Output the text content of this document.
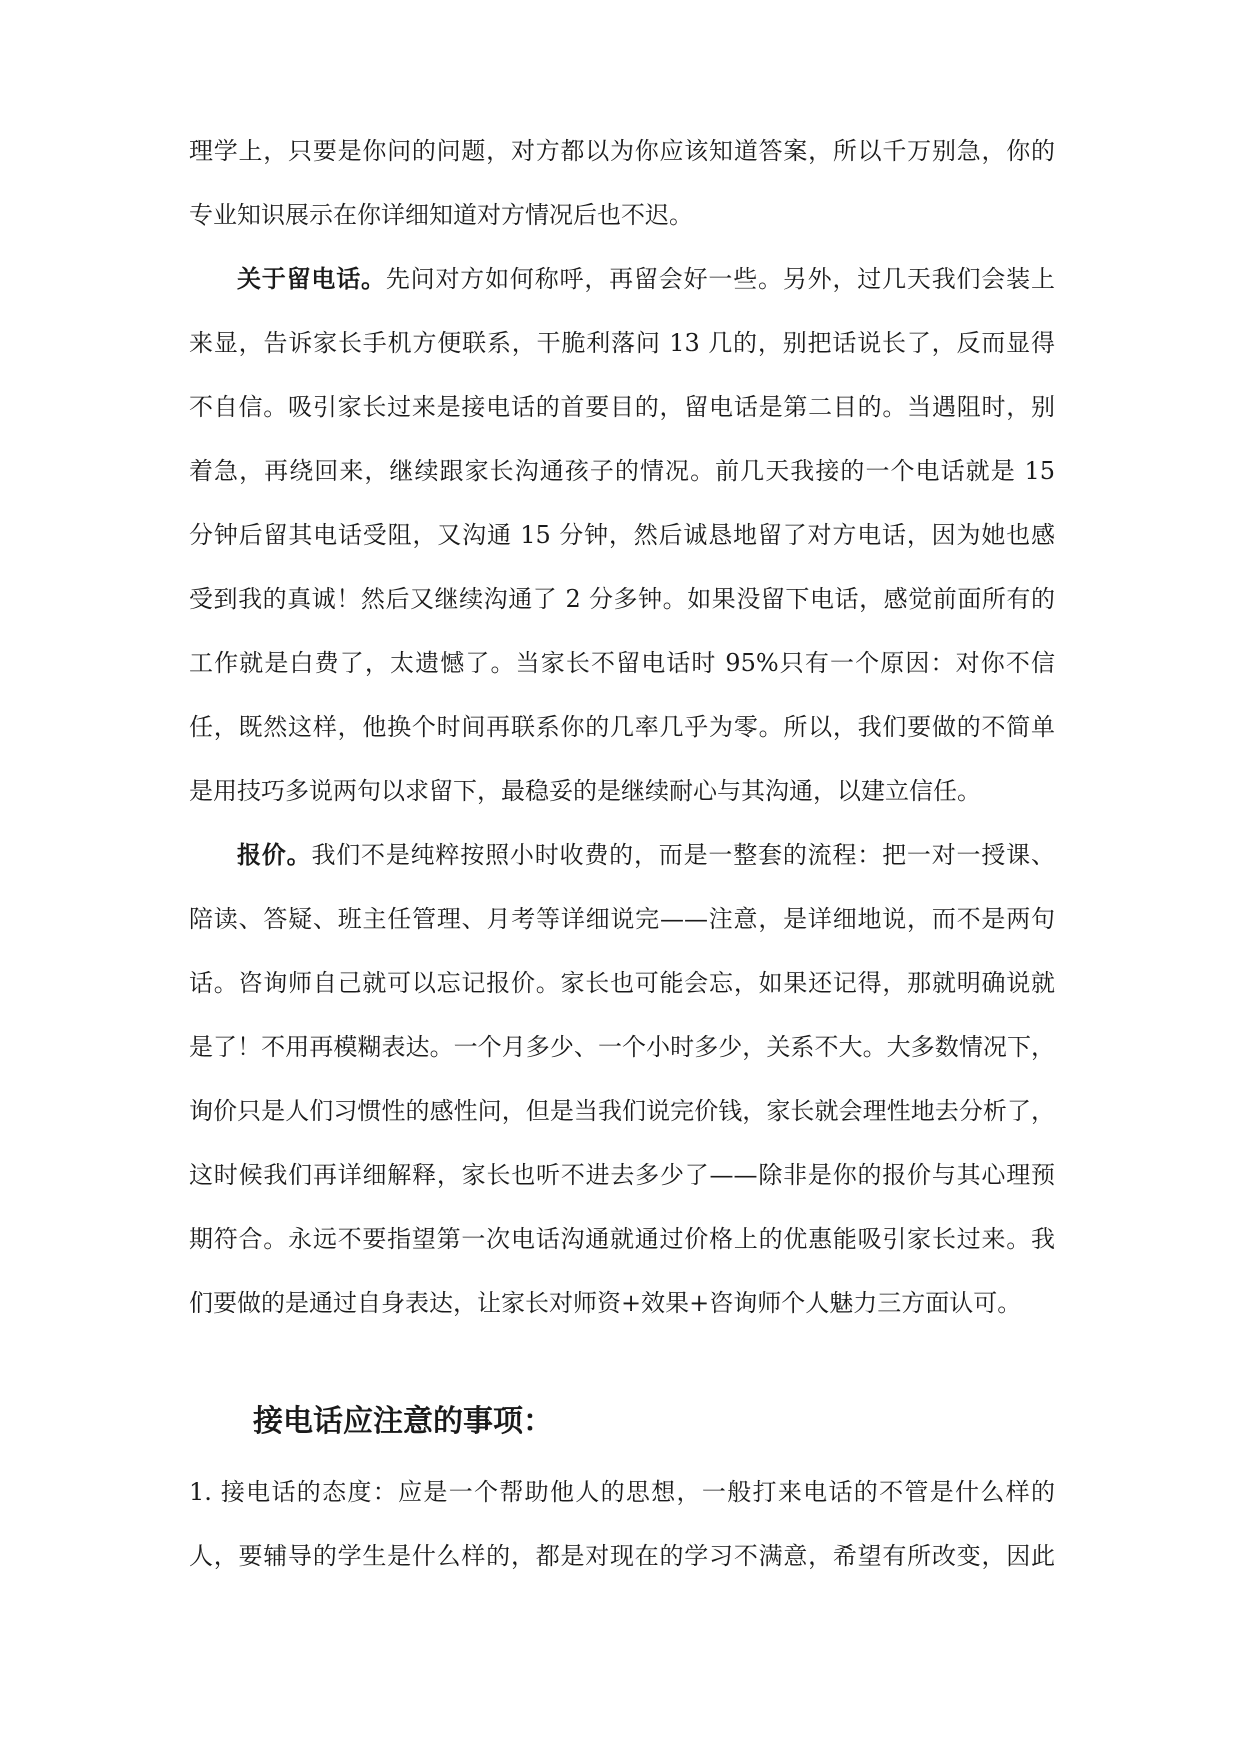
理学上，只要是你问的问题，对方都以为你应该知道答案，所以千万别急，你的
专业知识展示在你详细知道对方情况后也不迟。
关于留电话。先问对方如何称呼，再留会好一些。另外，过几天我们会装上
来显，告诉家长手机方便联系，干脆利落问 13 几的，别把话说长了，反而显得
不自信。吸引家长过来是接电话的首要目的，留电话是第二目的。当遇阻时，别
着急，再绕回来，继续跟家长沟通孩子的情况。前几天我接的一个电话就是 15
分钟后留其电话受阻，又沟通 15 分钟，然后诚恳地留了对方电话，因为她也感
受到我的真诚！然后又继续沟通了 2 分多钟。如果没留下电话，感觉前面所有的
工作就是白费了，太遗憾了。当家长不留电话时 95%只有一个原因：对你不信
任，既然这样，他换个时间再联系你的几率几乎为零。所以，我们要做的不简单
是用技巧多说两句以求留下，最稳妥的是继续耐心与其沟通，以建立信任。
报价。我们不是纯粹按照小时收费的，而是一整套的流程：把一对一授课、
陪读、答疑、班主任管理、月考等详细说完——注意，是详细地说，而不是两句
话。咨询师自己就可以忘记报价。家长也可能会忘，如果还记得，那就明确说就
是了！不用再模糊表达。一个月多少、一个小时多少，关系不大。大多数情况下，
询价只是人们习惯性的感性问，但是当我们说完价钱，家长就会理性地去分析了，
这时候我们再详细解释，家长也听不进去多少了——除非是你的报价与其心理预
期符合。永远不要指望第一次电话沟通就通过价格上的优惠能吸引家长过来。我
们要做的是通过自身表达，让家长对师资+效果+咨询师个人魅力三方面认可。
接电话应注意的事项：
1. 接电话的态度：应是一个帮助他人的思想，一般打来电话的不管是什么样的
人，要辅导的学生是什么样的，都是对现在的学习不满意，希望有所改变，因此
